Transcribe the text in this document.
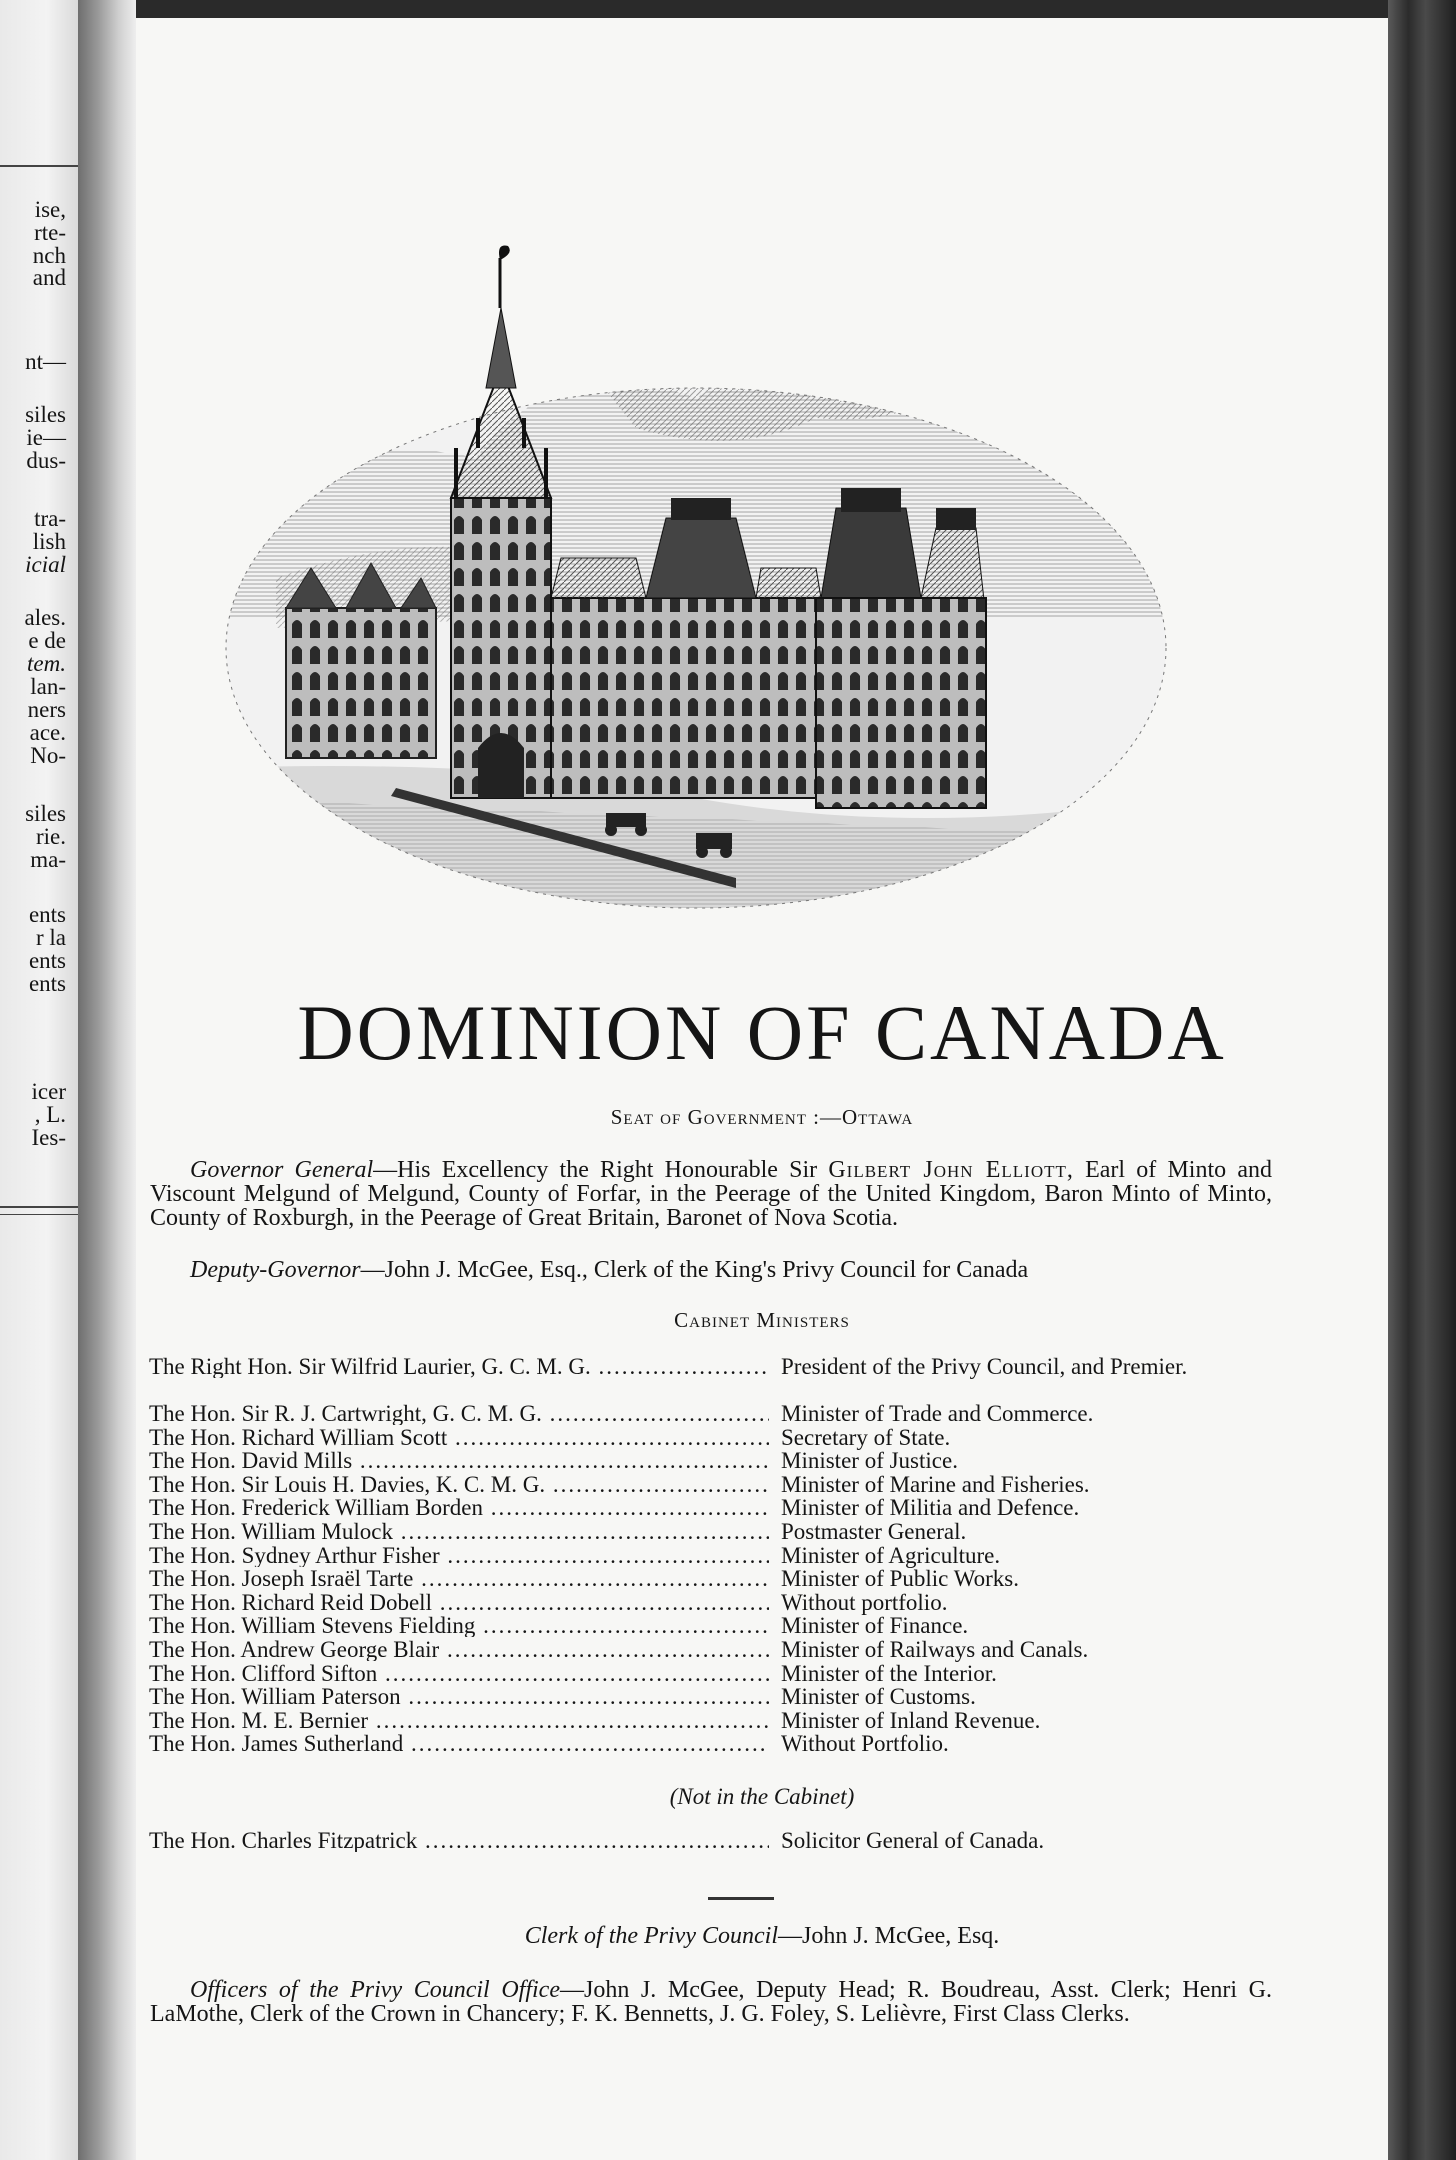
ise,
rte-
nch
and
nt—
siles
ie—
dus-
tra-
lish
icial
ales.
e de
tem.
lan-
ners
ace.
No-
siles
rie.
ma-
ents
r la
ents
ents
icer
, L.
Ies-
DOMINION OF CANADA
Seat of Government :—Ottawa
Governor General—His Excellency the Right Honourable Sir Gilbert John Elliott, Earl of Minto and Viscount Melgund of Melgund, County of Forfar, in the Peerage of the United Kingdom, Baron Minto of Minto, County of Roxburgh, in the Peerage of Great Britain, Baronet of Nova Scotia.
Deputy-Governor—John J. McGee, Esq., Clerk of the King's Privy Council for Canada
Cabinet Ministers
The Right Hon. Sir Wilfrid Laurier, G. C. M. G. .....	President of the Privy Council, and Premier.
The Hon. Sir R. J. Cartwright, G. C. M. G. .....	Minister of Trade and Commerce.
The Hon. Richard William Scott .....	Secretary of State.
The Hon. David Mills .....	Minister of Justice.
The Hon. Sir Louis H. Davies, K. C. M. G. .....	Minister of Marine and Fisheries.
The Hon. Frederick William Borden .....	Minister of Militia and Defence.
The Hon. William Mulock .....	Postmaster General.
The Hon. Sydney Arthur Fisher .....	Minister of Agriculture.
The Hon. Joseph Israël Tarte .....	Minister of Public Works.
The Hon. Richard Reid Dobell .....	Without portfolio.
The Hon. William Stevens Fielding .....	Minister of Finance.
The Hon. Andrew George Blair .....	Minister of Railways and Canals.
The Hon. Clifford Sifton .....	Minister of the Interior.
The Hon. William Paterson .....	Minister of Customs.
The Hon. M. E. Bernier .....	Minister of Inland Revenue.
The Hon. James Sutherland .....	Without Portfolio.
(Not in the Cabinet)
The Hon. Charles Fitzpatrick .....	Solicitor General of Canada.
Clerk of the Privy Council—John J. McGee, Esq.
Officers of the Privy Council Office—John J. McGee, Deputy Head; R. Boudreau, Asst. Clerk; Henri G. LaMothe, Clerk of the Crown in Chancery; F. K. Bennetts, J. G. Foley, S. Lelièvre, First Class Clerks.
